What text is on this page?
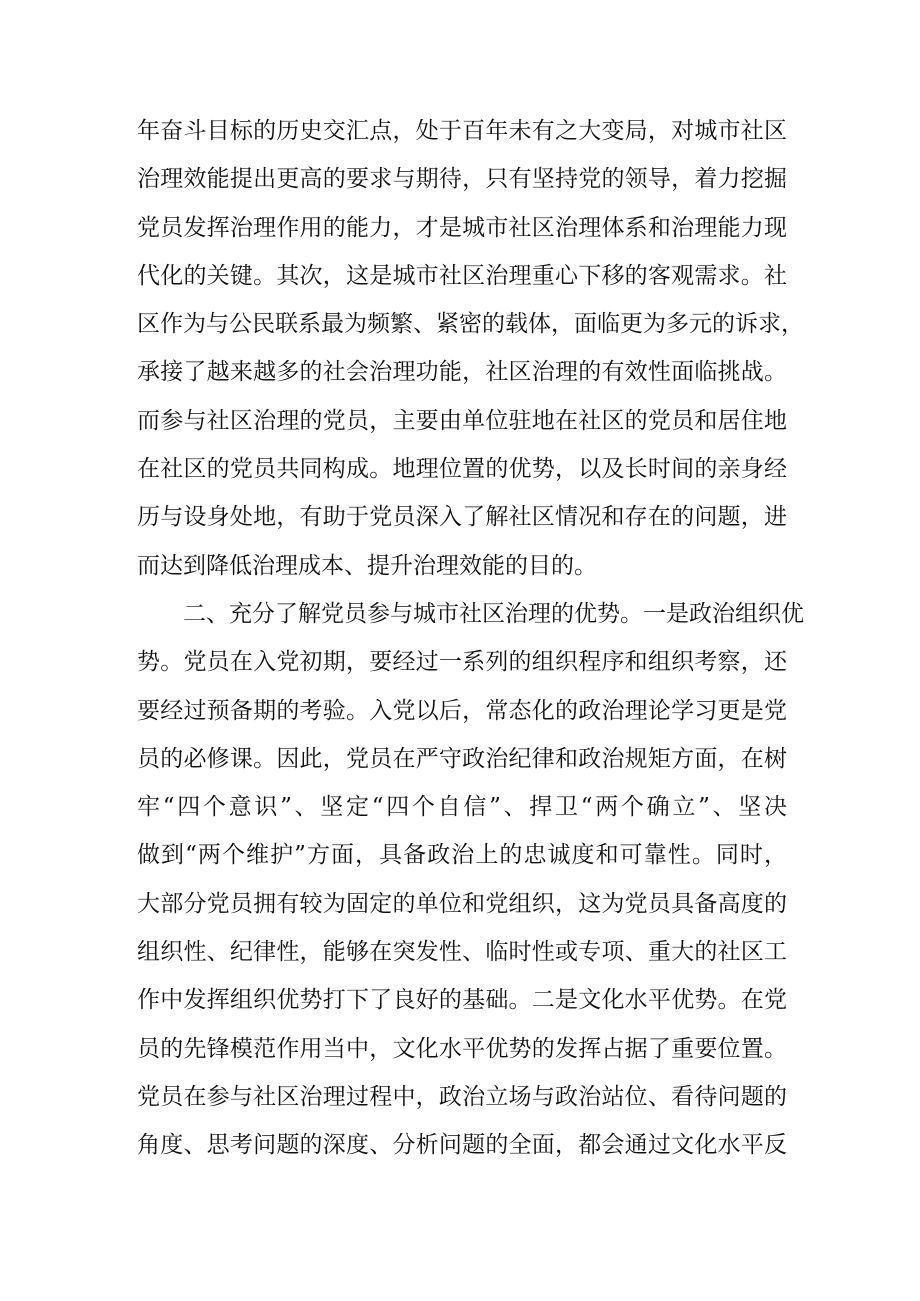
年奋斗目标的历史交汇点，处于百年未有之大变局，对城市社区
治理效能提出更高的要求与期待，只有坚持党的领导，着力挖掘
党员发挥治理作用的能力，才是城市社区治理体系和治理能力现
代化的关键。其次，这是城市社区治理重心下移的客观需求。社
区作为与公民联系最为频繁、紧密的载体，面临更为多元的诉求，
承接了越来越多的社会治理功能，社区治理的有效性面临挑战。
而参与社区治理的党员，主要由单位驻地在社区的党员和居住地
在社区的党员共同构成。地理位置的优势，以及长时间的亲身经
历与设身处地，有助于党员深入了解社区情况和存在的问题，进
而达到降低治理成本、提升治理效能的目的。
二、充分了解党员参与城市社区治理的优势。一是政治组织优
势。党员在入党初期，要经过一系列的组织程序和组织考察，还
要经过预备期的考验。入党以后，常态化的政治理论学习更是党
员的必修课。因此，党员在严守政治纪律和政治规矩方面，在树
牢“四个意识”、坚定“四个自信”、捍卫“两个确立”、坚决
做到“两个维护”方面，具备政治上的忠诚度和可靠性。同时，
大部分党员拥有较为固定的单位和党组织，这为党员具备高度的
组织性、纪律性，能够在突发性、临时性或专项、重大的社区工
作中发挥组织优势打下了良好的基础。二是文化水平优势。在党
员的先锋模范作用当中，文化水平优势的发挥占据了重要位置。
党员在参与社区治理过程中，政治立场与政治站位、看待问题的
角度、思考问题的深度、分析问题的全面，都会通过文化水平反
